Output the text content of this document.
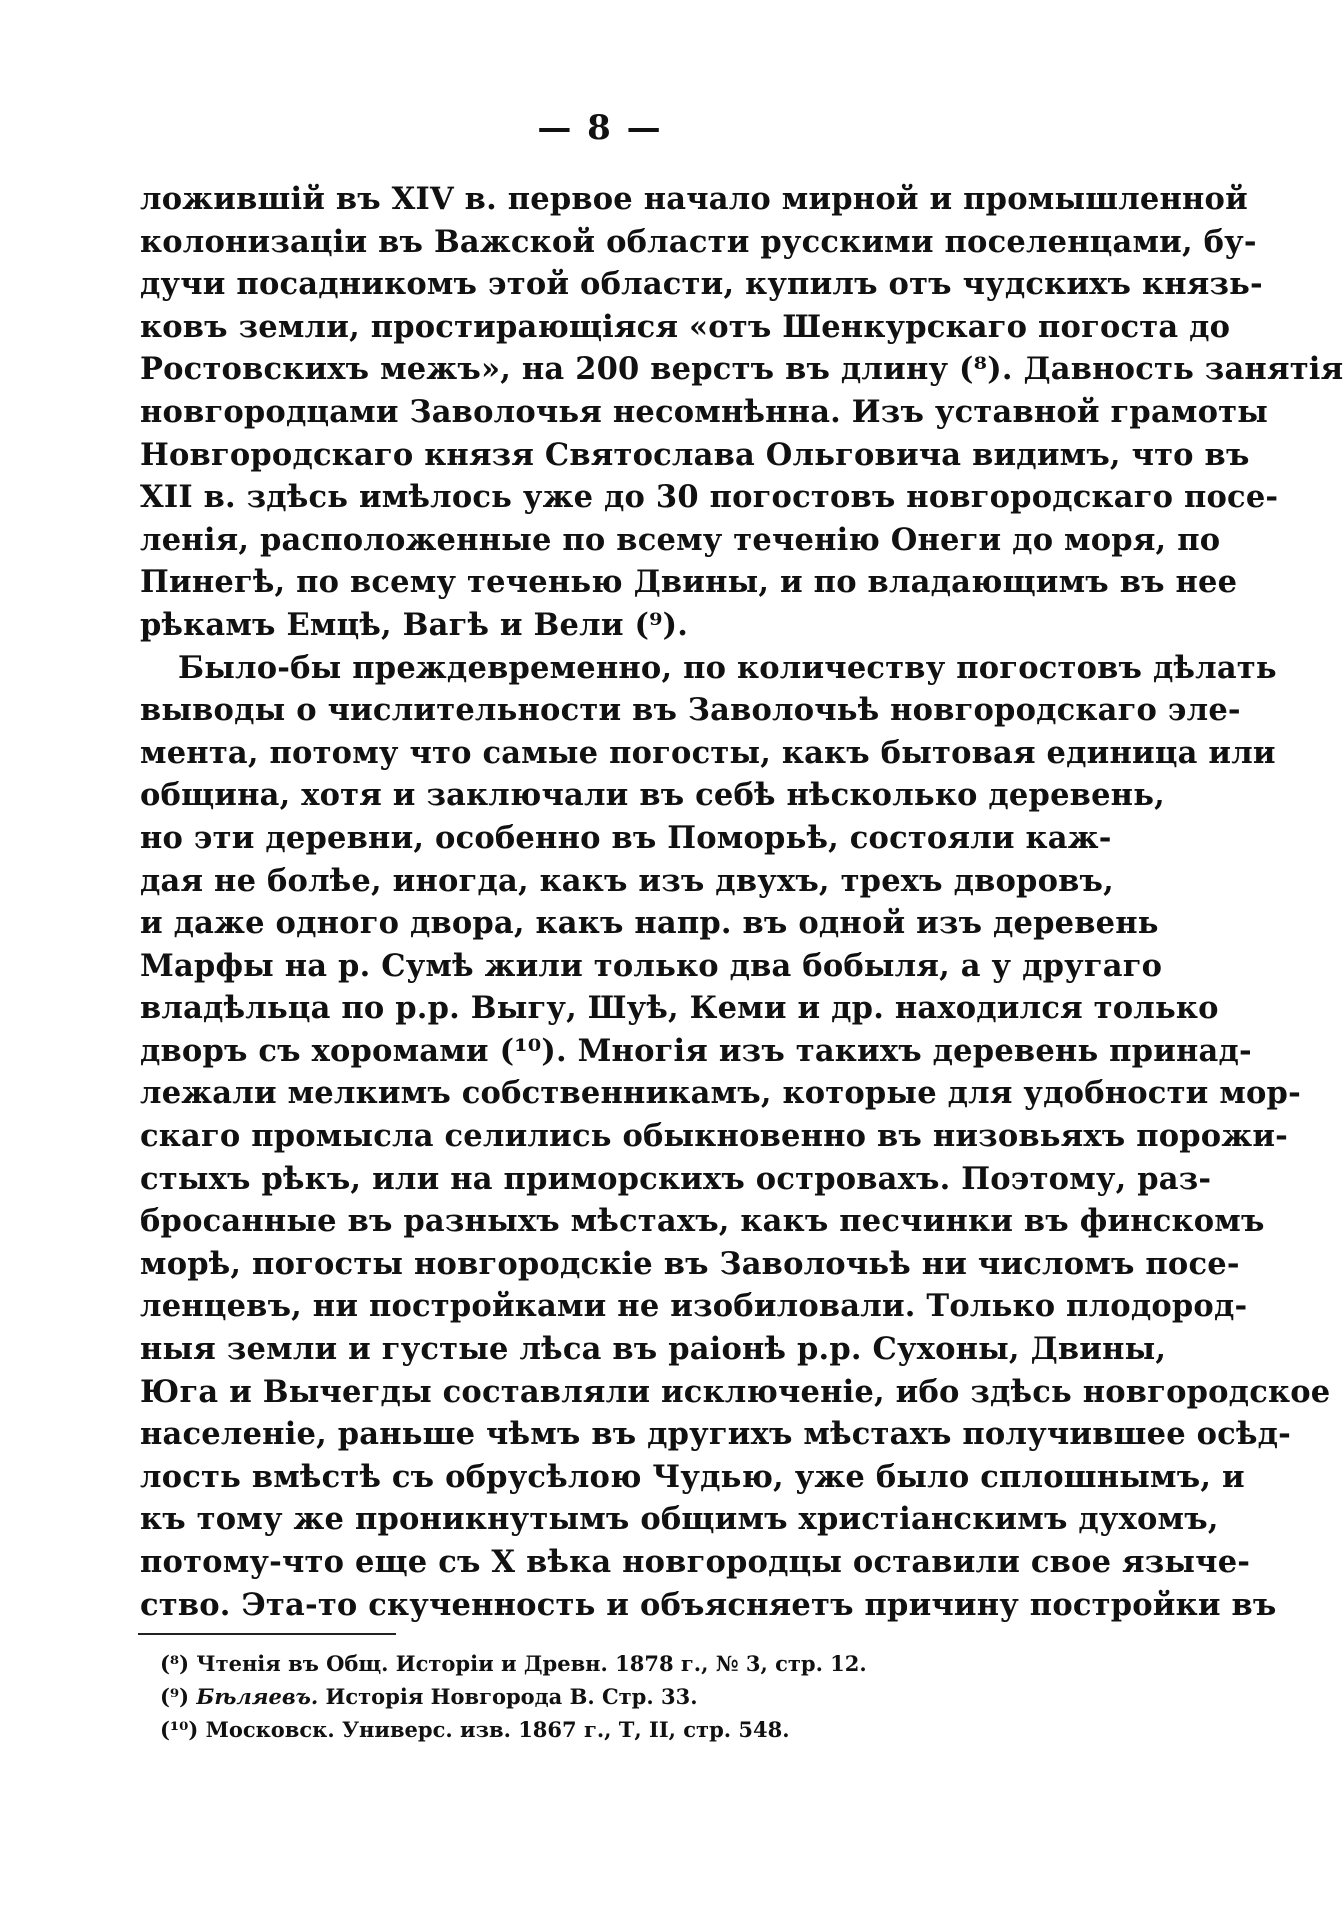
— 8 —
ложившій въ XIV в. первое начало мирной и промышленной
колонизаціи въ Важской области русскими поселенцами, бу-
дучи посадникомъ этой области, купилъ отъ чудскихъ князь-
ковъ земли, простирающіяся «отъ Шенкурскаго погоста до
Ростовскихъ межъ», на 200 верстъ въ длину (⁸). Давность занятія
новгородцами Заволочья несомнѣнна. Изъ уставной грамоты
Новгородскаго князя Святослава Ольговича видимъ, что въ
XII в. здѣсь имѣлось уже до 30 погостовъ новгородскаго посе-
ленія, расположенные по всему теченію Онеги до моря, по
Пинегѣ, по всему теченью Двины, и по владающимъ въ нее
рѣкамъ Емцѣ, Вагѣ и Вели (⁹).
Было-бы преждевременно, по количеству погостовъ дѣлать
выводы о числительности въ Заволочьѣ новгородскаго эле-
мента, потому что самые погосты, какъ бытовая единица или
община, хотя и заключали въ себѣ нѣсколько деревень,
но эти деревни, особенно въ Поморьѣ, состояли каж-
дая не болѣе, иногда, какъ изъ двухъ, трехъ дворовъ,
и даже одного двора, какъ напр. въ одной изъ деревень
Марфы на р. Сумѣ жили только два бобыля, а у другаго
владѣльца по р.р. Выгу, Шуѣ, Кеми и др. находился только
дворъ съ хоромами (¹⁰). Многія изъ такихъ деревень принад-
лежали мелкимъ собственникамъ, которые для удобности мор-
скаго промысла селились обыкновенно въ низовьяхъ порожи-
стыхъ рѣкъ, или на приморскихъ островахъ. Поэтому, раз-
бросанные въ разныхъ мѣстахъ, какъ песчинки въ финскомъ
морѣ, погосты новгородскіе въ Заволочьѣ ни числомъ посе-
ленцевъ, ни постройками не изобиловали. Только плодород-
ныя земли и густые лѣса въ раіонѣ р.р. Сухоны, Двины,
Юга и Вычегды составляли исключеніе, ибо здѣсь новгородское
населеніе, раньше чѣмъ въ другихъ мѣстахъ получившее осѣд-
лость вмѣстѣ съ обрусѣлою Чудью, уже было сплошнымъ, и
къ тому же проникнутымъ общимъ христіанскимъ духомъ,
потому-что еще съ X вѣка новгородцы оставили свое язычe-
ство. Эта-то скученность и объясняетъ причину постройки въ
(⁸) Чтенія въ Общ. Исторіи и Древн. 1878 г., № 3, стр. 12.
(⁹) Бѣляевъ. Исторія Новгорода В. Стр. 33.
(¹⁰) Московск. Универс. изв. 1867 г., Т, II, стр. 548.
